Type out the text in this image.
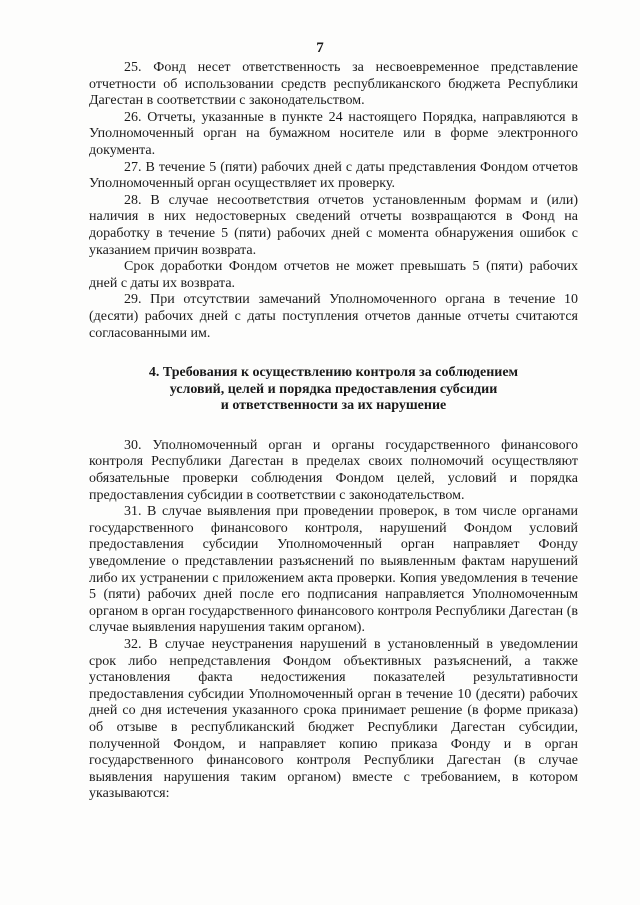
7

25. Фонд несет ответственность за несвоевременное представление отчетности об использовании средств республиканского бюджета Республики Дагестан в соответствии с законодательством.

26. Отчеты, указанные в пункте 24 настоящего Порядка, направляются в Уполномоченный орган на бумажном носителе или в форме электронного документа.

27. В течение 5 (пяти) рабочих дней с даты представления Фондом отчетов Уполномоченный орган осуществляет их проверку.

28. В случае несоответствия отчетов установленным формам и (или) наличия в них недостоверных сведений отчеты возвращаются в Фонд на доработку в течение 5 (пяти) рабочих дней с момента обнаружения ошибок с указанием причин возврата.

Срок доработки Фондом отчетов не может превышать 5 (пяти) рабочих дней с даты их возврата.

29. При отсутствии замечаний Уполномоченного органа в течение 10 (десяти) рабочих дней с даты поступления отчетов данные отчеты считаются согласованными им.

4. Требования к осуществлению контроля за соблюдением
условий, целей и порядка предоставления субсидии
и ответственности за их нарушение

30. Уполномоченный орган и органы государственного финансового контроля Республики Дагестан в пределах своих полномочий осуществляют обязательные проверки соблюдения Фондом целей, условий и порядка предоставления субсидии в соответствии с законодательством.

31. В случае выявления при проведении проверок, в том числе органами государственного финансового контроля, нарушений Фондом условий предоставления субсидии Уполномоченный орган направляет Фонду уведомление о представлении разъяснений по выявленным фактам нарушений либо их устранении с приложением акта проверки. Копия уведомления в течение 5 (пяти) рабочих дней после его подписания направляется Уполномоченным органом в орган государственного финансового контроля Республики Дагестан (в случае выявления нарушения таким органом).

32. В случае неустранения нарушений в установленный в уведомлении срок либо непредставления Фондом объективных разъяснений, а также установления факта недостижения показателей результативности предоставления субсидии Уполномоченный орган в течение 10 (десяти) рабочих дней со дня истечения указанного срока принимает решение (в форме приказа) об отзыве в республиканский бюджет Республики Дагестан субсидии, полученной Фондом, и направляет копию приказа Фонду и в орган государственного финансового контроля Республики Дагестан (в случае выявления нарушения таким органом) вместе с требованием, в котором указываются:
